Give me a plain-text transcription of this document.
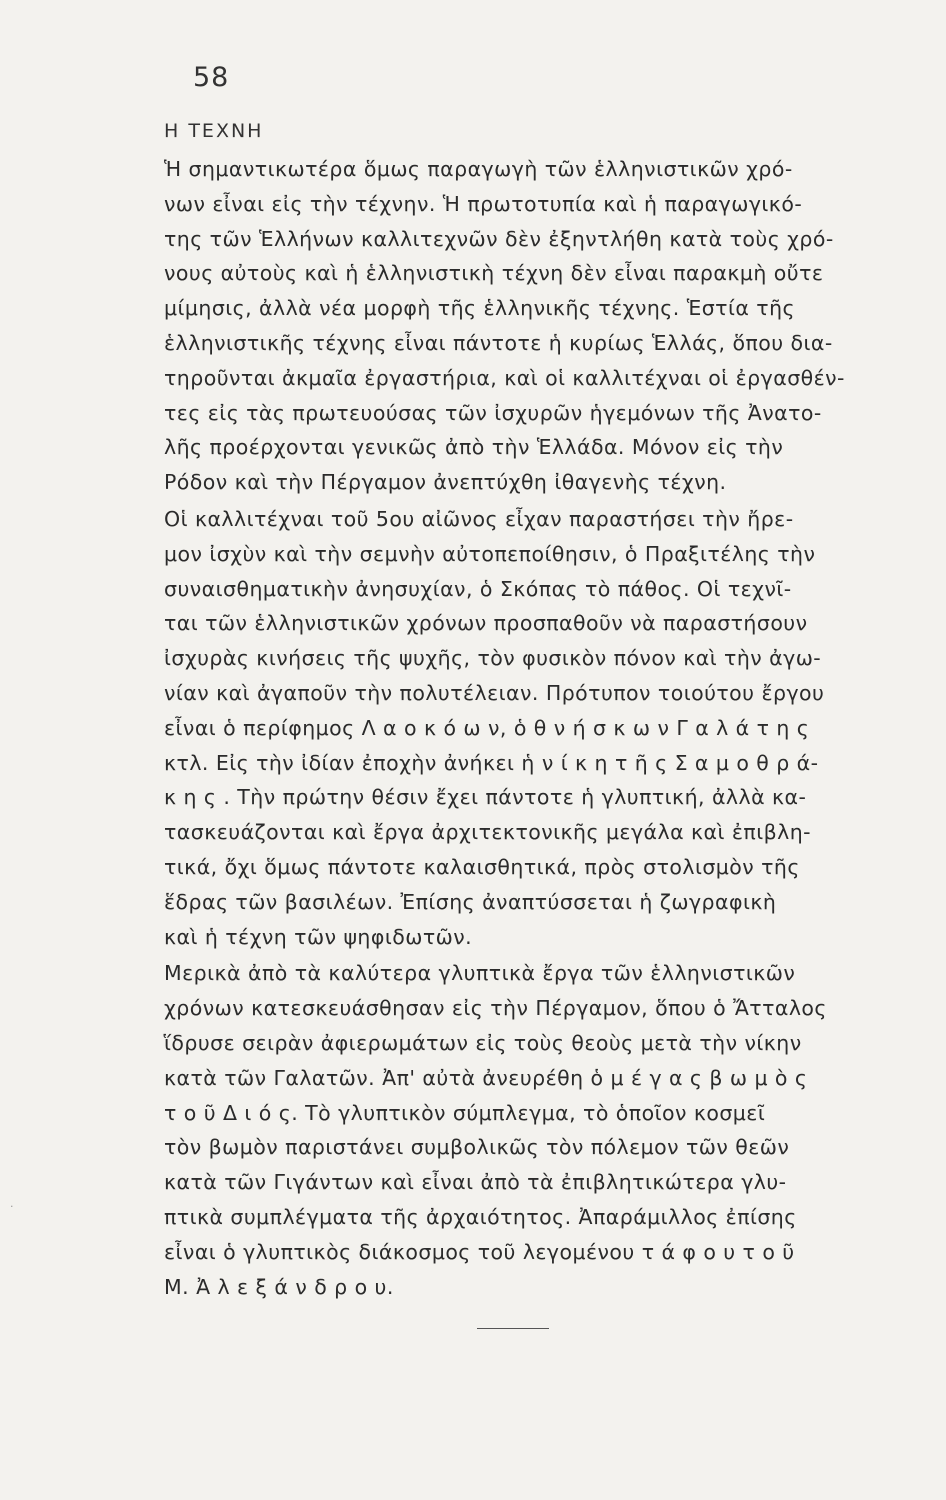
58
Η ΤΕΧΝΗ
Ἡ σημαντικωτέρα ὅμως παραγωγὴ τῶν ἑλληνιστικῶν χρό-
νων εἶναι εἰς τὴν τέχνην. Ἡ πρωτοτυπία καὶ ἡ παραγωγικό-
της τῶν Ἑλλήνων καλλιτεχνῶν δὲν ἐξηντλήθη κατὰ τοὺς χρό-
νους αὐτοὺς καὶ ἡ ἑλληνιστικὴ τέχνη δὲν εἶναι παρακμὴ οὔτε
μίμησις, ἀλλὰ νέα μορφὴ τῆς ἑλληνικῆς τέχνης. Ἑστία τῆς
ἑλληνιστικῆς τέχνης εἶναι πάντοτε ἡ κυρίως Ἑλλάς, ὅπου δια-
τηροῦνται ἀκμαῖα ἐργαστήρια, καὶ οἱ καλλιτέχναι οἱ ἐργασθέν-
τες εἰς τὰς πρωτευούσας τῶν ἰσχυρῶν ἡγεμόνων τῆς Ἀνατο-
λῆς προέρχονται γενικῶς ἀπὸ τὴν Ἑλλάδα. Μόνον εἰς τὴν
Ρόδον καὶ τὴν Πέργαμον ἀνεπτύχθη ἰθαγενὴς τέχνη.
Οἱ καλλιτέχναι τοῦ 5ου αἰῶνος εἶχαν παραστήσει τὴν ἤρε-
μον ἰσχὺν καὶ τὴν σεμνὴν αὐτοπεποίθησιν, ὁ Πραξιτέλης τὴν
συναισθηματικὴν ἀνησυχίαν, ὁ Σκόπας τὸ πάθος. Οἱ τεχνῖ-
ται τῶν ἑλληνιστικῶν χρόνων προσπαθοῦν νὰ παραστήσουν
ἰσχυρὰς κινήσεις τῆς ψυχῆς, τὸν φυσικὸν πόνον καὶ τὴν ἀγω-
νίαν καὶ ἀγαποῦν τὴν πολυτέλειαν. Πρότυπον τοιούτου ἔργου
εἶναι ὁ περίφημος Λ α ο κ ό ω ν, ὁ θ ν ή σ κ ω ν Γ α λ ά τ η ς
κτλ. Εἰς τὴν ἰδίαν ἐποχὴν ἀνήκει ἡ ν ί κ η τ ῆ ς Σ α μ ο θ ρ ά-
κ η ς . Τὴν πρώτην θέσιν ἔχει πάντοτε ἡ γλυπτική, ἀλλὰ κα-
τασκευάζονται καὶ ἔργα ἀρχιτεκτονικῆς μεγάλα καὶ ἐπιβλη-
τικά, ὄχι ὅμως πάντοτε καλαισθητικά, πρὸς στολισμὸν τῆς
ἕδρας τῶν βασιλέων. Ἐπίσης ἀναπτύσσεται ἡ ζωγραφικὴ
καὶ ἡ τέχνη τῶν ψηφιδωτῶν.
Μερικὰ ἀπὸ τὰ καλύτερα γλυπτικὰ ἔργα τῶν ἑλληνιστικῶν
χρόνων κατεσκευάσθησαν εἰς τὴν Πέργαμον, ὅπου ὁ Ἄτταλος
ἵδρυσε σειρὰν ἀφιερωμάτων εἰς τοὺς θεοὺς μετὰ τὴν νίκην
κατὰ τῶν Γαλατῶν. Ἀπ' αὐτὰ ἀνευρέθη ὁ μ έ γ α ς β ω μ ὸ ς
τ ο ῦ Δ ι ό ς. Τὸ γλυπτικὸν σύμπλεγμα, τὸ ὁποῖον κοσμεῖ
τὸν βωμὸν παριστάνει συμβολικῶς τὸν πόλεμον τῶν θεῶν
κατὰ τῶν Γιγάντων καὶ εἶναι ἀπὸ τὰ ἐπιβλητικώτερα γλυ-
πτικὰ συμπλέγματα τῆς ἀρχαιότητος. Ἀπαράμιλλος ἐπίσης
εἶναι ὁ γλυπτικὸς διάκοσμος τοῦ λεγομένου τ ά φ ο υ τ ο ῦ
Μ. Ἀ λ ε ξ ά ν δ ρ ο υ.
·
